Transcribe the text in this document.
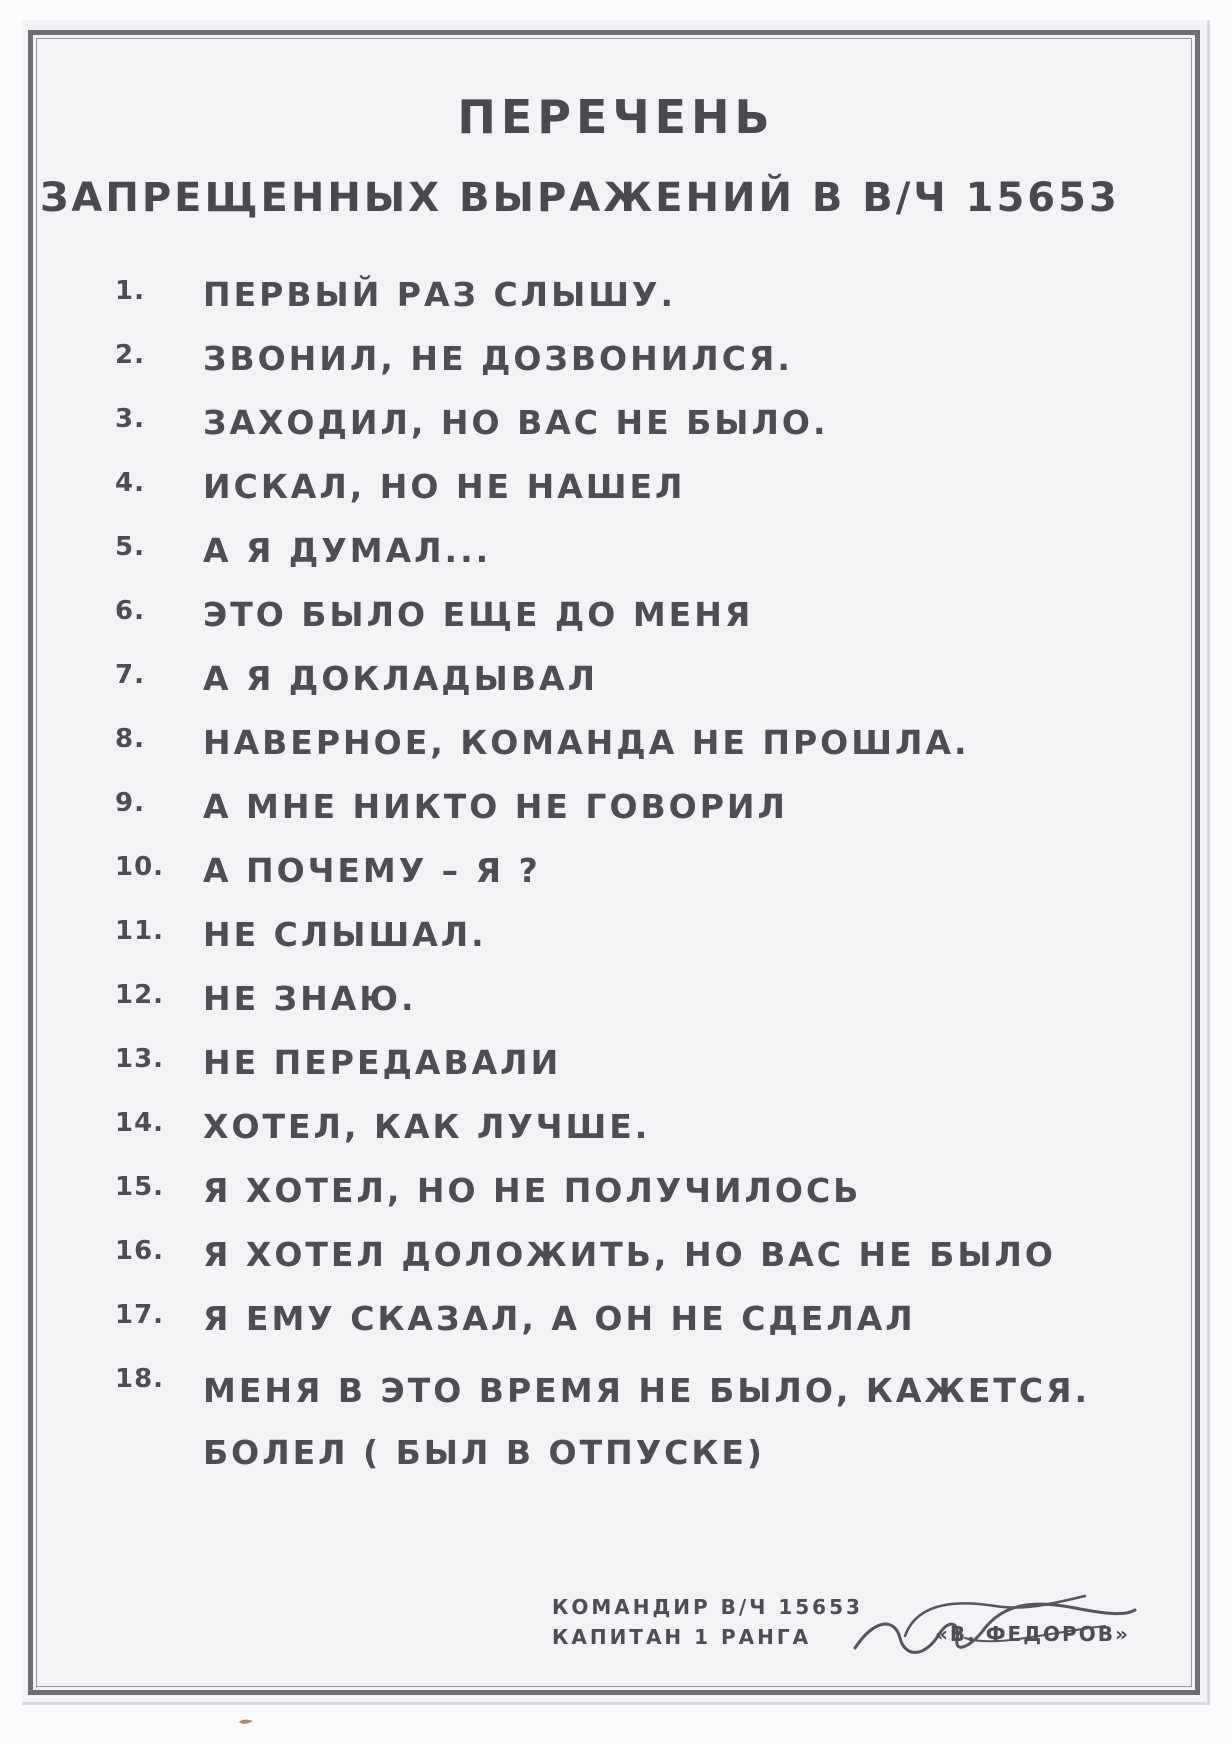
ПЕРЕЧЕНЬ
ЗАПРЕЩЕННЫХ ВЫРАЖЕНИЙ В В/Ч 15653
1.	ПЕРВЫЙ РАЗ СЛЫШУ.
2.	ЗВОНИЛ, НЕ ДОЗВОНИЛСЯ.
3.	ЗАХОДИЛ, НО ВАС НЕ БЫЛО.
4.	ИСКАЛ, НО НЕ НАШЕЛ
5.	А Я ДУМАЛ...
6.	ЭТО БЫЛО ЕЩЕ ДО МЕНЯ
7.	А Я ДОКЛАДЫВАЛ
8.	НАВЕРНОЕ, КОМАНДА НЕ ПРОШЛА.
9.	А МНЕ НИКТО НЕ ГОВОРИЛ
10.	А ПОЧЕМУ – Я ?
11.	НЕ СЛЫШАЛ.
12.	НЕ ЗНАЮ.
13.	НЕ ПЕРЕДАВАЛИ
14.	ХОТЕЛ, КАК ЛУЧШЕ.
15.	Я ХОТЕЛ, НО НЕ ПОЛУЧИЛОСЬ
16.	Я ХОТЕЛ ДОЛОЖИТЬ, НО ВАС НЕ БЫЛО
17.	Я ЕМУ СКАЗАЛ, А ОН НЕ СДЕЛАЛ
18.	МЕНЯ В ЭТО ВРЕМЯ НЕ БЫЛО, КАЖЕТСЯ.
БОЛЕЛ ( БЫЛ В ОТПУСКЕ)
КОМАНДИР В/Ч 15653
КАПИТАН 1 РАНГА	«В. ФЕДОРОВ»
